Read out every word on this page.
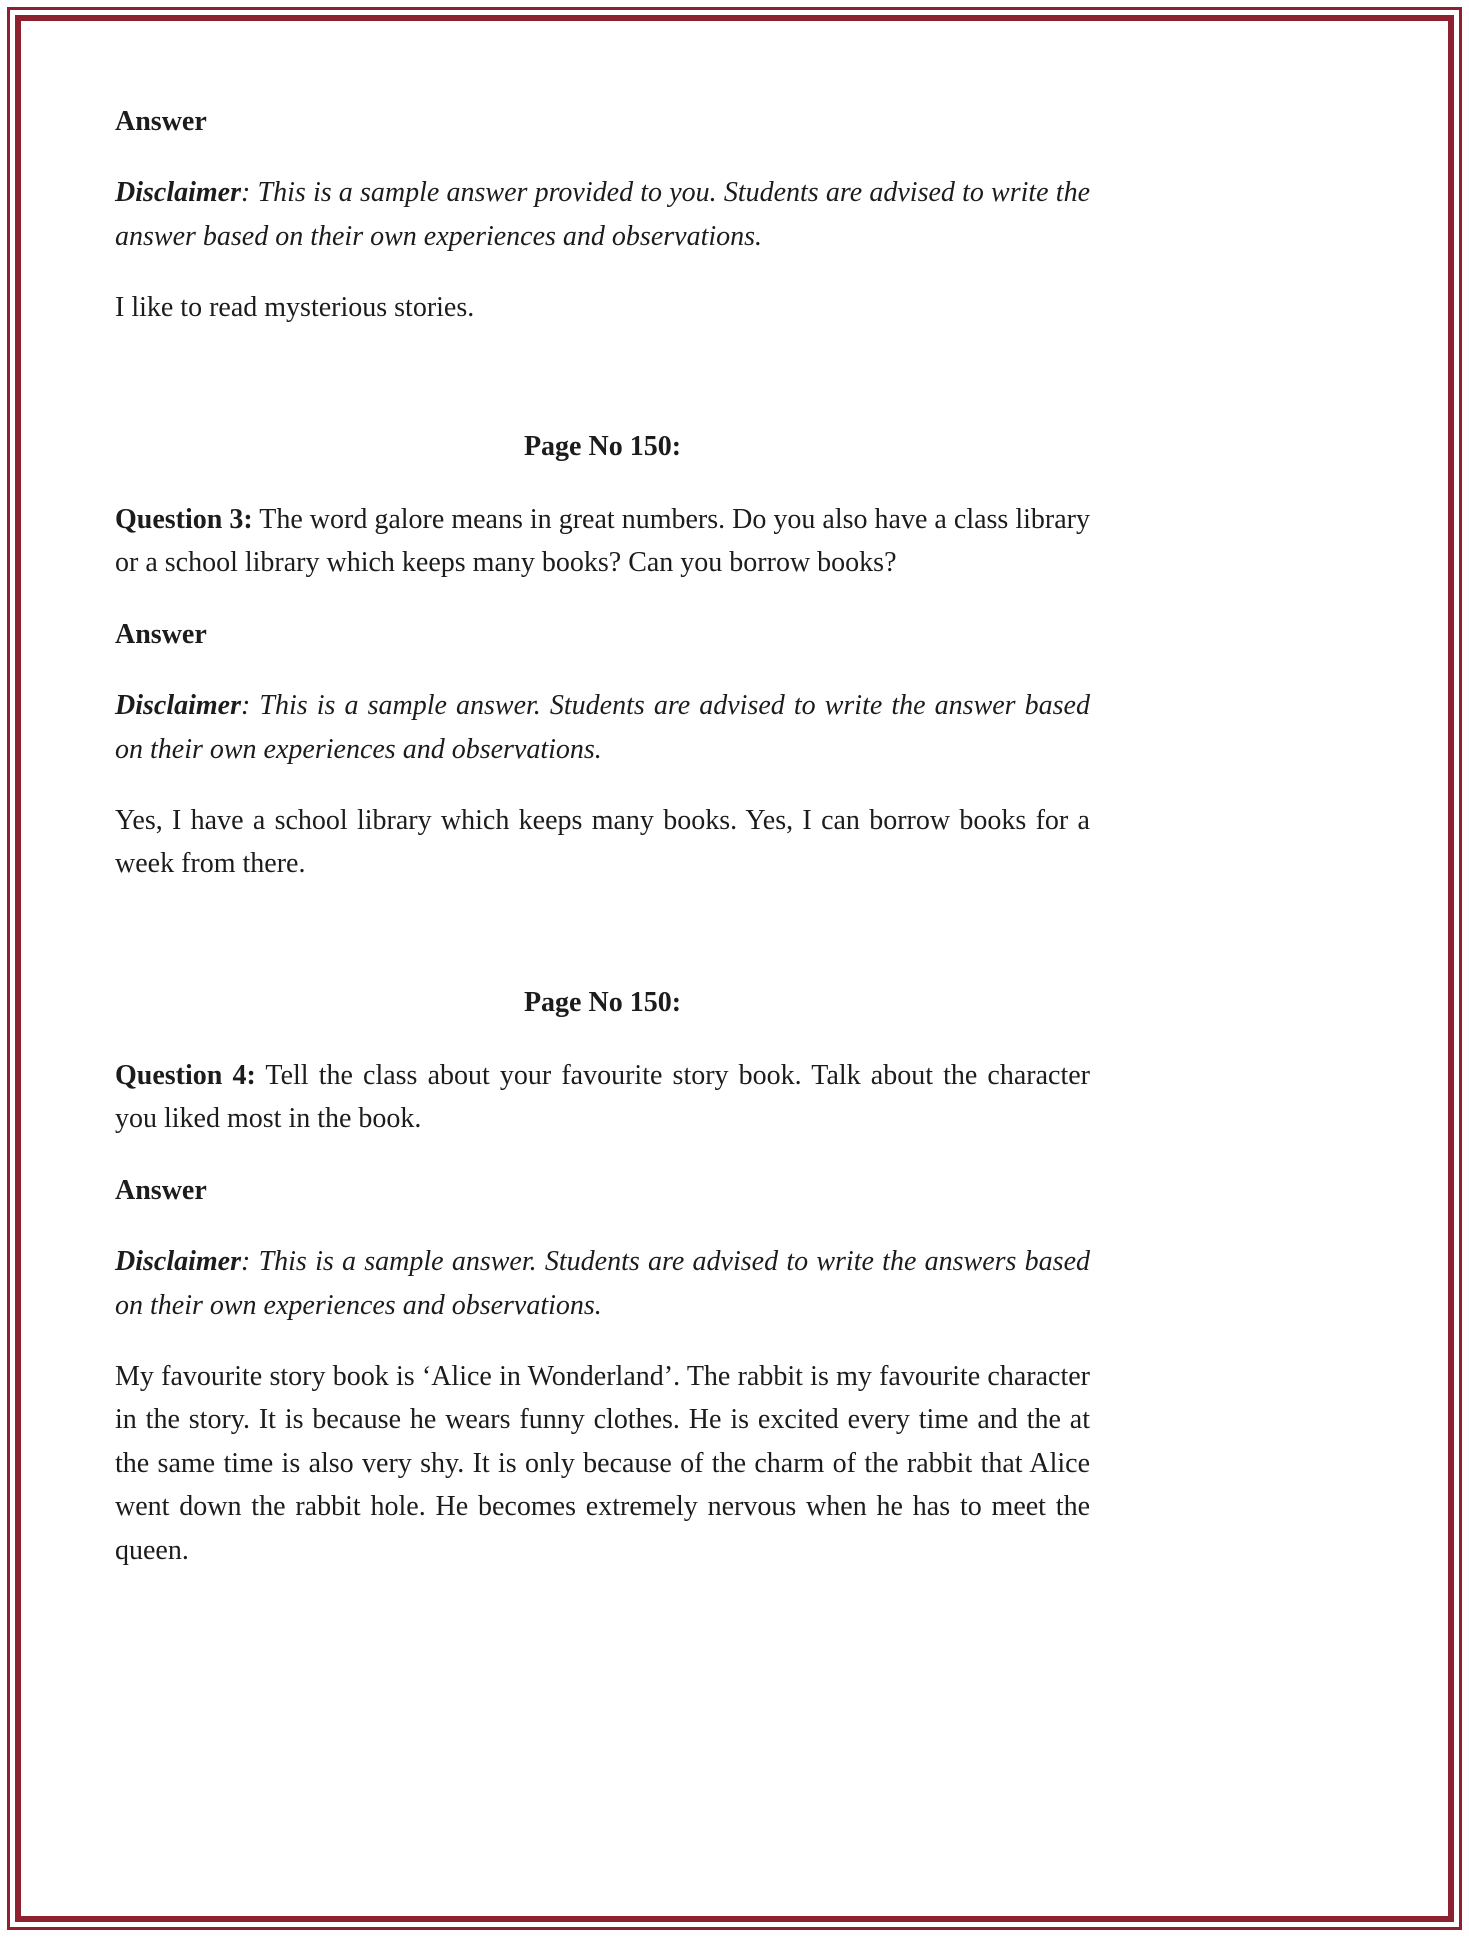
Answer
Disclaimer: This is a sample answer provided to you. Students are advised to write the answer based on their own experiences and observations.
I like to read mysterious stories.
Page No 150:
Question 3: The word galore means in great numbers. Do you also have a class library or a school library which keeps many books? Can you borrow books?
Answer
Disclaimer: This is a sample answer. Students are advised to write the answer based on their own experiences and observations.
Yes, I have a school library which keeps many books. Yes, I can borrow books for a week from there.
Page No 150:
Question 4: Tell the class about your favourite story book. Talk about the character you liked most in the book.
Answer
Disclaimer: This is a sample answer. Students are advised to write the answers based on their own experiences and observations.
My favourite story book is ‘Alice in Wonderland’. The rabbit is my favourite character in the story. It is because he wears funny clothes. He is excited every time and the at the same time is also very shy. It is only because of the charm of the rabbit that Alice went down the rabbit hole. He becomes extremely nervous when he has to meet the queen.
